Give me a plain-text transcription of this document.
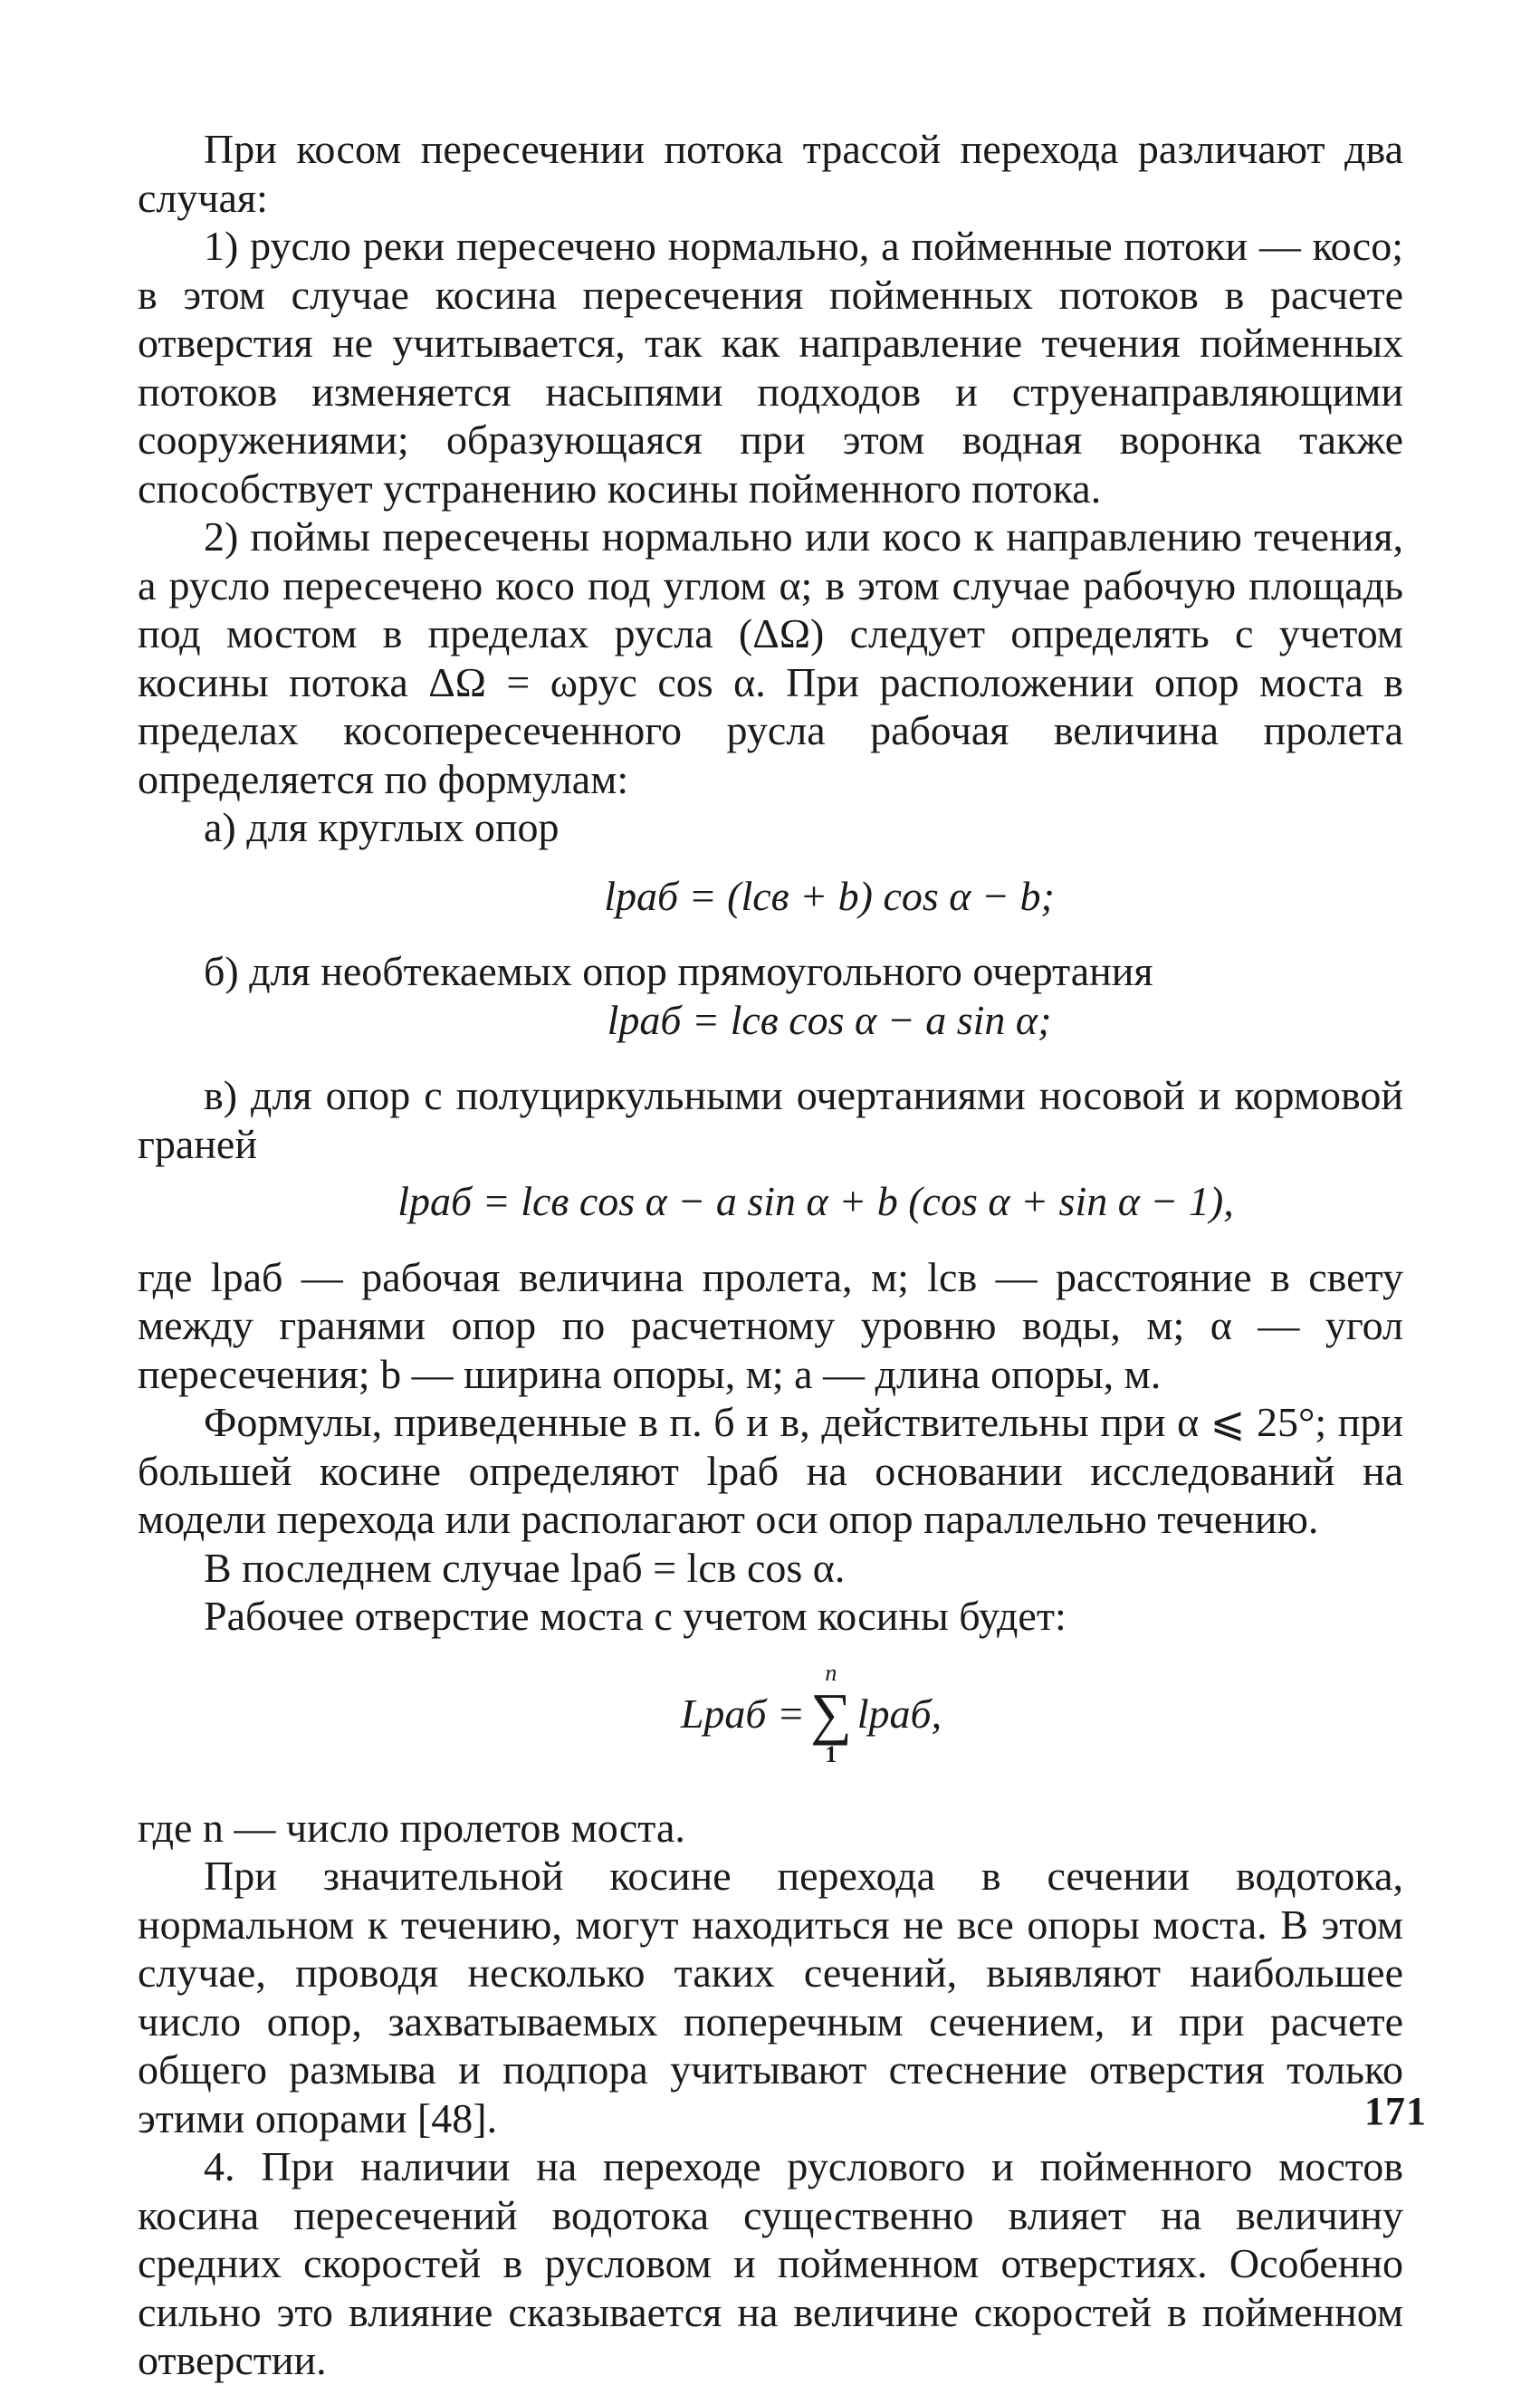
При косом пересечении потока трассой перехода различают два случая:

1) русло реки пересечено нормально, а пойменные потоки — косо; в этом случае косина пересечения пойменных потоков в расчете отверстия не учитывается, так как направление течения пойменных потоков изменяется насыпями подходов и струенаправляющими сооружениями; образующаяся при этом водная воронка также способствует устранению косины пойменного потока.

2) поймы пересечены нормально или косо к направлению течения, а русло пересечено косо под углом α; в этом случае рабочую площадь под мостом в пределах русла (ΔΩ) следует определять с учетом косины потока ΔΩ = ωрус cos α. При расположении опор моста в пределах косопересеченного русла рабочая величина пролета определяется по формулам:

а) для круглых опор

lраб = (lсв + b) cos α − b;

б) для необтекаемых опор прямоугольного очертания

lраб = lсв cos α − a sin α;

в) для опор с полуциркульными очертаниями носовой и кормовой граней

lраб = lсв cos α − a sin α + b (cos α + sin α − 1),

где lраб — рабочая величина пролета, м; lсв — расстояние в свету между гранями опор по расчетному уровню воды, м; α — угол пересечения; b — ширина опоры, м; a — длина опоры, м.

Формулы, приведенные в п. б и в, действительны при α ⩽ 25°; при большей косине определяют lраб на основании исследований на модели перехода или располагают оси опор параллельно течению.

В последнем случае lраб = lсв cos α.

Рабочее отверстие моста с учетом косины будет:

Lраб =
n
∑
1
lраб,

где n — число пролетов моста.

При значительной косине перехода в сечении водотока, нормальном к течению, могут находиться не все опоры моста. В этом случае, проводя несколько таких сечений, выявляют наибольшее число опор, захватываемых поперечным сечением, и при расчете общего размыва и подпора учитывают стеснение отверстия только этими опорами [48].

4. При наличии на переходе руслового и пойменного мостов косина пересечений водотока существенно влияет на величину средних скоростей в русловом и пойменном отверстиях. Особенно сильно это влияние сказывается на величине скоростей в пойменном отверстии.

171
